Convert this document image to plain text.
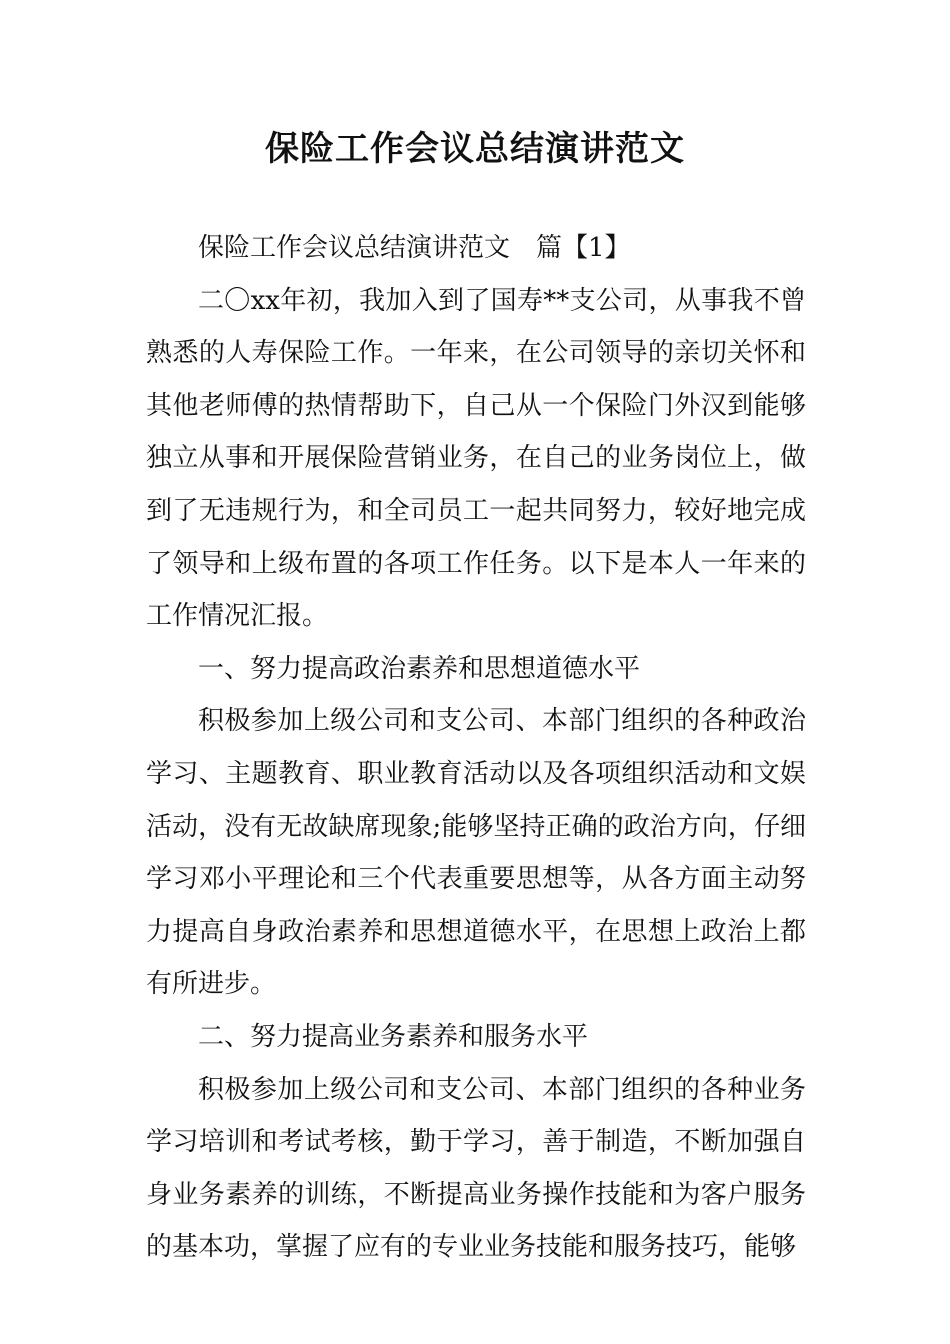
保险工作会议总结演讲范文

保险工作会议总结演讲范文　篇【1】

二〇xx年初，我加入到了国寿**支公司，从事我不曾熟悉的人寿保险工作。一年来，在公司领导的亲切关怀和其他老师傅的热情帮助下，自己从一个保险门外汉到能够独立从事和开展保险营销业务，在自己的业务岗位上，做到了无违规行为，和全司员工一起共同努力，较好地完成了领导和上级布置的各项工作任务。以下是本人一年来的工作情况汇报。

一、努力提高政治素养和思想道德水平

积极参加上级公司和支公司、本部门组织的各种政治学习、主题教育、职业教育活动以及各项组织活动和文娱活动，没有无故缺席现象;能够坚持正确的政治方向，仔细学习邓小平理论和三个代表重要思想等，从各方面主动努力提高自身政治素养和思想道德水平，在思想上政治上都有所进步。

二、努力提高业务素养和服务水平

积极参加上级公司和支公司、本部门组织的各种业务学习培训和考试考核，勤于学习，善于制造，不断加强自身业务素养的训练，不断提高业务操作技能和为客户服务的基本功，掌握了应有的专业业务技能和服务技巧，能够
